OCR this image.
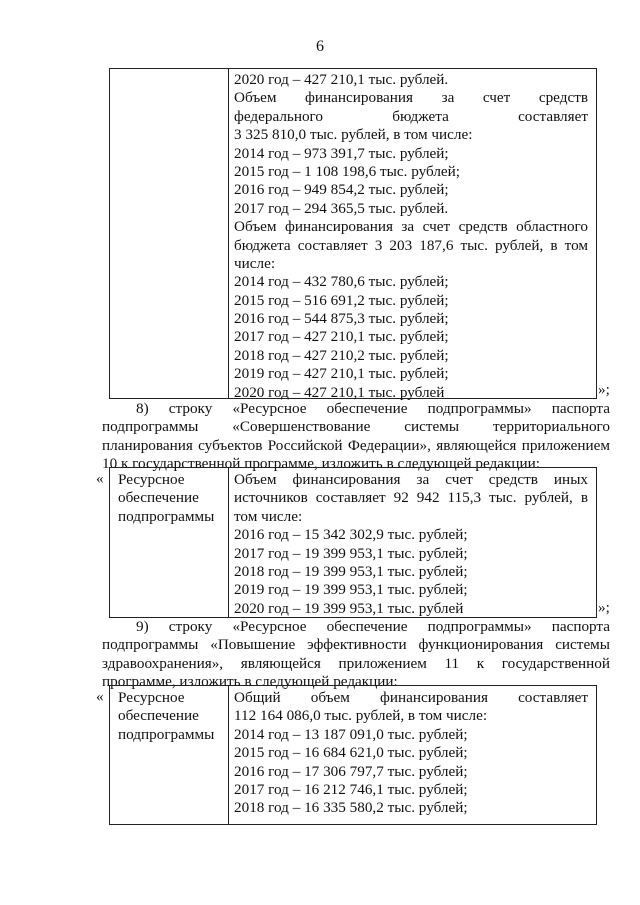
6
2020 год – 427 210,1 тыс. рублей.
Объем финансирования за счет средств
федерального бюджета составляет
3 325 810,0 тыс. рублей, в том числе:
2014 год – 973 391,7 тыс. рублей;
2015 год – 1 108 198,6 тыс. рублей;
2016 год – 949 854,2 тыс. рублей;
2017 год – 294 365,5 тыс. рублей.
Объем финансирования за счет средств областного
бюджета составляет 3 203 187,6 тыс. рублей, в том
числе:
2014 год – 432 780,6 тыс. рублей;
2015 год – 516 691,2 тыс. рублей;
2016 год – 544 875,3 тыс. рублей;
2017 год – 427 210,1 тыс. рублей;
2018 год – 427 210,2 тыс. рублей;
2019 год – 427 210,1 тыс. рублей;
2020 год – 427 210,1 тыс. рублей	»;
8) строку «Ресурсное обеспечение подпрограммы» паспорта
подпрограммы «Совершенствование системы территориального
планирования субъектов Российской Федерации», являющейся приложением
10 к государственной программе, изложить в следующей редакции:
« Ресурсное
обеспечение
подпрограммы
Объем финансирования за счет средств иных
источников составляет 92 942 115,3 тыс. рублей, в
том числе:
2016 год – 15 342 302,9 тыс. рублей;
2017 год – 19 399 953,1 тыс. рублей;
2018 год – 19 399 953,1 тыс. рублей;
2019 год – 19 399 953,1 тыс. рублей;
2020 год – 19 399 953,1 тыс. рублей	»;
9) строку «Ресурсное обеспечение подпрограммы» паспорта
подпрограммы «Повышение эффективности функционирования системы
здравоохранения», являющейся приложением 11 к государственной
программе, изложить в следующей редакции:
« Ресурсное
обеспечение
подпрограммы
Общий объем финансирования составляет
112 164 086,0 тыс. рублей, в том числе:
2014 год – 13 187 091,0 тыс. рублей;
2015 год – 16 684 621,0 тыс. рублей;
2016 год – 17 306 797,7 тыс. рублей;
2017 год – 16 212 746,1 тыс. рублей;
2018 год – 16 335 580,2 тыс. рублей;
